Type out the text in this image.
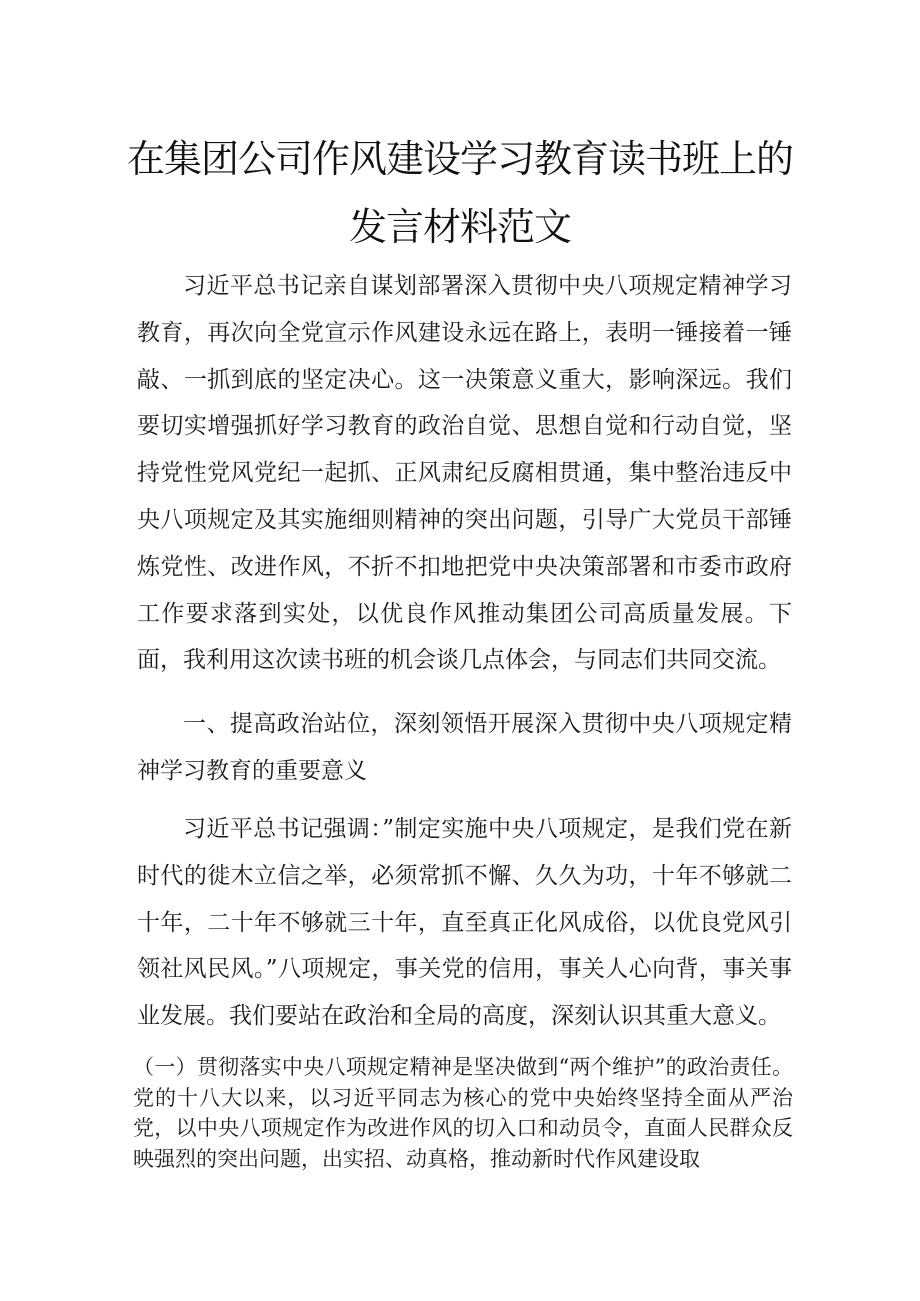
在集团公司作风建设学习教育读书班上的
发言材料范文

习近平总书记亲自谋划部署深入贯彻中央八项规定精神学习教育，再次向全党宣示作风建设永远在路上，表明一锤接着一锤敲、一抓到底的坚定决心。这一决策意义重大，影响深远。我们要切实增强抓好学习教育的政治自觉、思想自觉和行动自觉，坚持党性党风党纪一起抓、正风肃纪反腐相贯通，集中整治违反中央八项规定及其实施细则精神的突出问题，引导广大党员干部锤炼党性、改进作风，不折不扣地把党中央决策部署和市委市政府工作要求落到实处，以优良作风推动集团公司高质量发展。下面，我利用这次读书班的机会谈几点体会，与同志们共同交流。

一、提高政治站位，深刻领悟开展深入贯彻中央八项规定精神学习教育的重要意义

习近平总书记强调：”制定实施中央八项规定，是我们党在新时代的徙木立信之举，必须常抓不懈、久久为功，十年不够就二十年，二十年不够就三十年，直至真正化风成俗，以优良党风引领社风民风。”八项规定，事关党的信用，事关人心向背，事关事业发展。我们要站在政治和全局的高度，深刻认识其重大意义。

（一）贯彻落实中央八项规定精神是坚决做到“两个维护”的政治责任。党的十八大以来，以习近平同志为核心的党中央始终坚持全面从严治党，以中央八项规定作为改进作风的切入口和动员令，直面人民群众反映强烈的突出问题，出实招、动真格，推动新时代作风建设取
